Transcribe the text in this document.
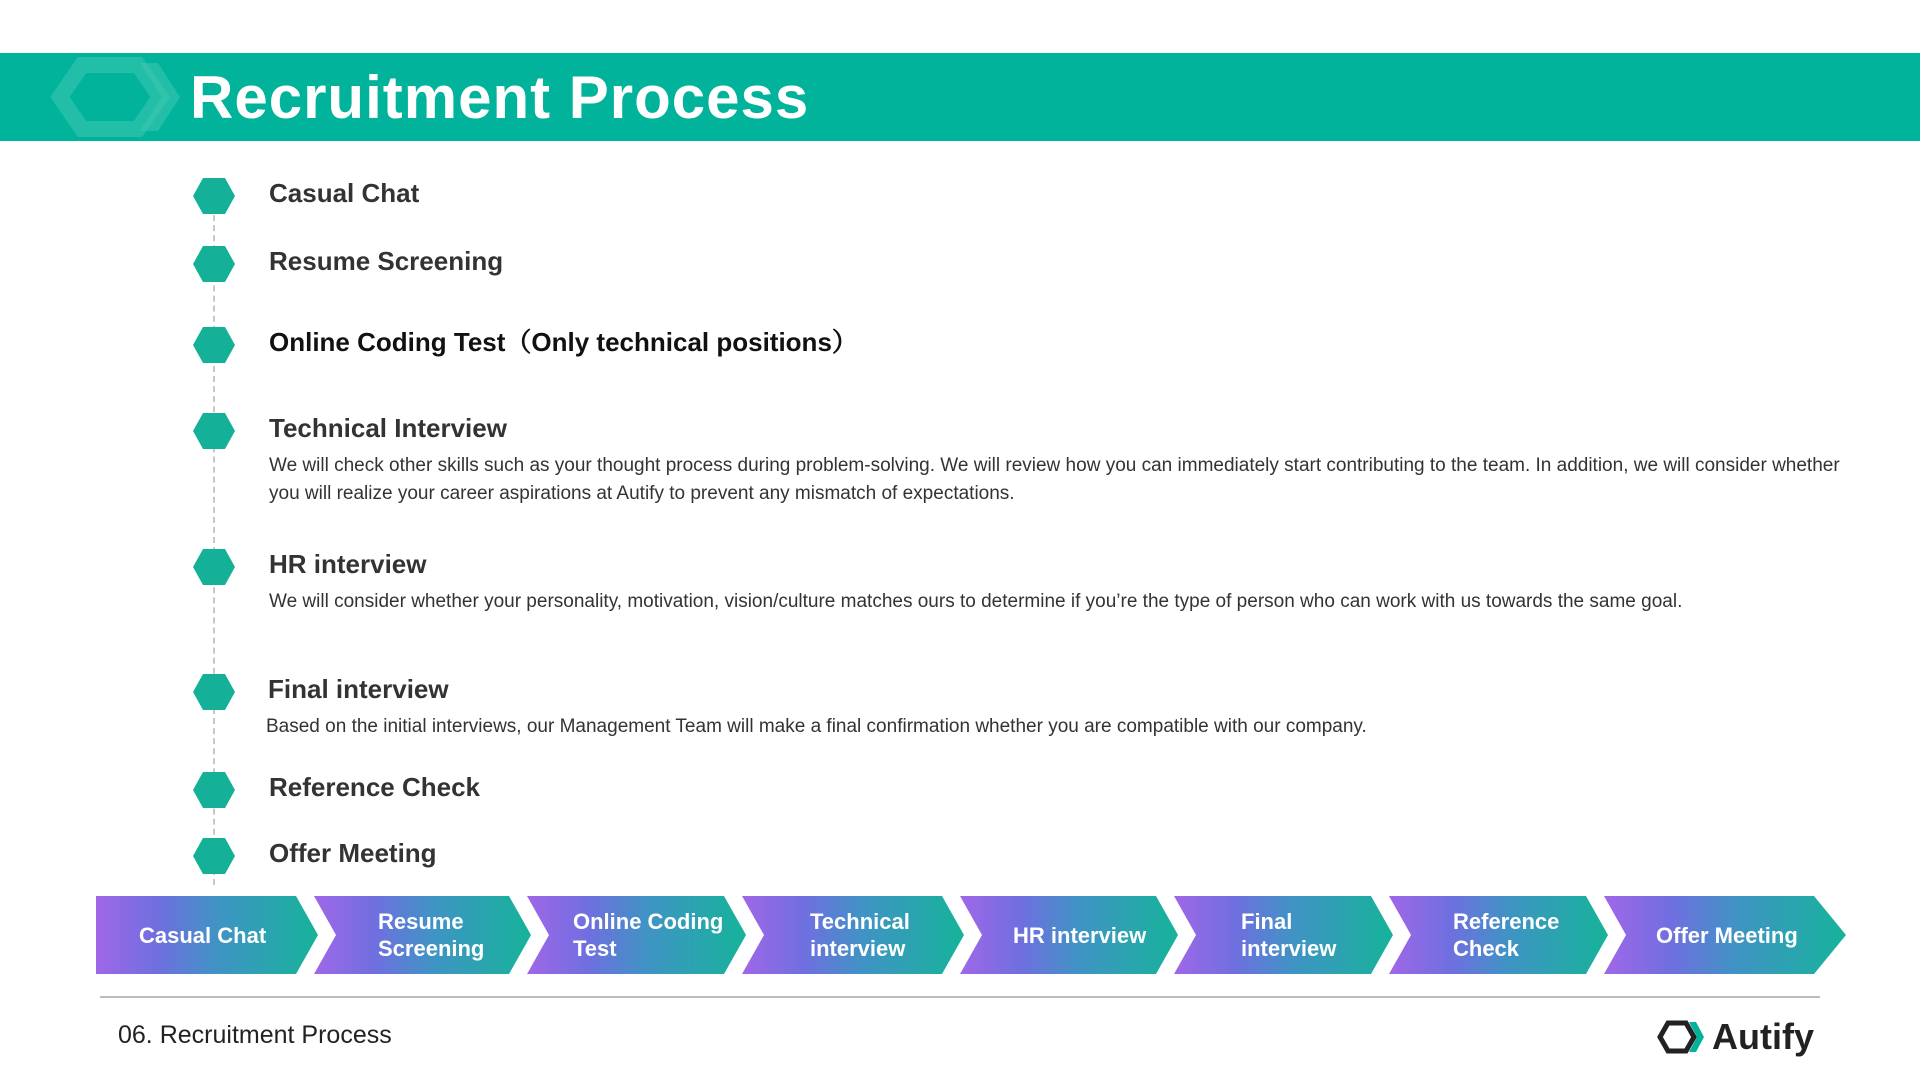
Recruitment Process
Casual Chat
Resume Screening
Online Coding Test（Only technical positions）
Technical Interview
We will check other skills such as your thought process during problem-solving. We will review how you can immediately start contributing to the team. In addition, we will consider whether you will realize your career aspirations at Autify to prevent any mismatch of expectations.
HR interview
We will consider whether your personality, motivation, vision/culture matches ours to determine if you’re the type of person who can work with us towards the same goal.
Final interview
Based on the initial interviews, our Management Team will make a final confirmation whether you are compatible with our company.
Reference Check
Offer Meeting
Casual Chat
Resume
Screening
Online Coding
Test
Technical
interview
HR interview
Final
interview
Reference
Check
Offer Meeting
06. Recruitment Process	Autify
